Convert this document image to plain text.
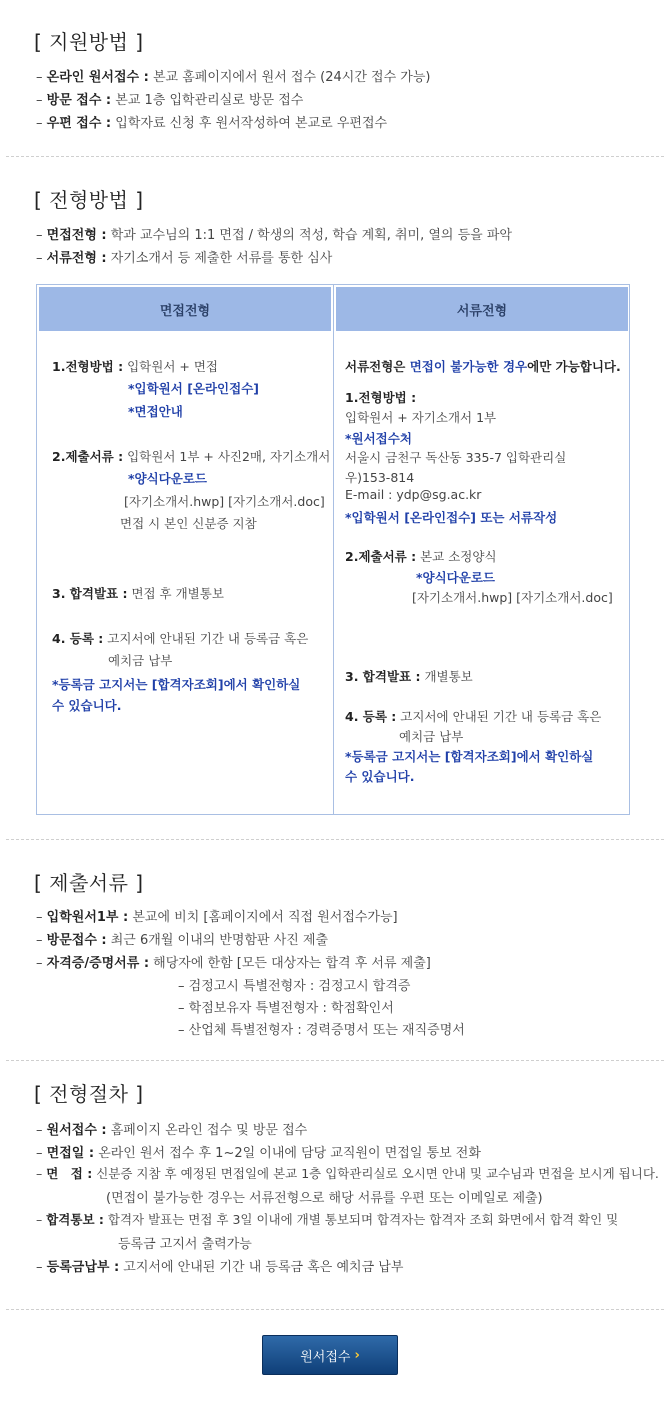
[ 지원방법 ]
– 온라인 원서접수 : 본교 홈페이지에서 원서 접수 (24시간 접수 가능)
– 방문 접수 : 본교 1층 입학관리실로 방문 접수
– 우편 접수 : 입학자료 신청 후 원서작성하여 본교로 우편접수
[ 전형방법 ]
– 면접전형 : 학과 교수님의 1:1 면접 / 학생의 적성, 학습 계획, 취미, 열의 등을 파악
– 서류전형 : 자기소개서 등 제출한 서류를 통한 심사
면접전형	서류전형
1.전형방법 : 입학원서 + 면접
*입학원서 [온라인접수]
*면접안내
2.제출서류 : 입학원서 1부 + 사진2매, 자기소개서
*양식다운로드
[자기소개서.hwp] [자기소개서.doc]
면접 시 본인 신분증 지참
3. 합격발표 : 면접 후 개별통보
4. 등록 : 고지서에 안내된 기간 내 등록금 혹은
예치금 납부
*등록금 고지서는 [합격자조회]에서 확인하실
수 있습니다.
서류전형은 면접이 불가능한 경우에만 가능합니다.
1.전형방법 :
입학원서 + 자기소개서 1부
*원서접수처
서울시 금천구 독산동 335-7 입학관리실
우)153-814
E-mail : ydp@sg.ac.kr
*입학원서 [온라인접수] 또는 서류작성
2.제출서류 : 본교 소정양식
*양식다운로드
[자기소개서.hwp] [자기소개서.doc]
3. 합격발표 : 개별통보
4. 등록 : 고지서에 안내된 기간 내 등록금 혹은
예치금 납부
*등록금 고지서는 [합격자조회]에서 확인하실
수 있습니다.
[ 제출서류 ]
– 입학원서1부 : 본교에 비치 [홈페이지에서 직접 원서접수가능]
– 방문접수 : 최근 6개월 이내의 반명함판 사진 제출
– 자격증/증명서류 : 해당자에 한함 [모든 대상자는 합격 후 서류 제출]
– 검정고시 특별전형자 : 검정고시 합격증
– 학점보유자 특별전형자 : 학점확인서
– 산업체 특별전형자 : 경력증명서 또는 재직증명서
[ 전형절차 ]
– 원서접수 : 홈페이지 온라인 접수 및 방문 접수
– 면접일 : 온라인 원서 접수 후 1~2일 이내에 담당 교직원이 면접일 통보 전화
– 면　접 : 신분증 지참 후 예정된 면접일에 본교 1층 입학관리실로 오시면 안내 및 교수님과 면접을 보시게 됩니다.
(면접이 불가능한 경우는 서류전형으로 해당 서류를 우편 또는 이메일로 제출)
– 합격통보 : 합격자 발표는 면접 후 3일 이내에 개별 통보되며 합격자는 합격자 조회 화면에서 합격 확인 및
등록금 고지서 출력가능
– 등록금납부 : 고지서에 안내된 기간 내 등록금 혹은 예치금 납부
원서접수 ›
